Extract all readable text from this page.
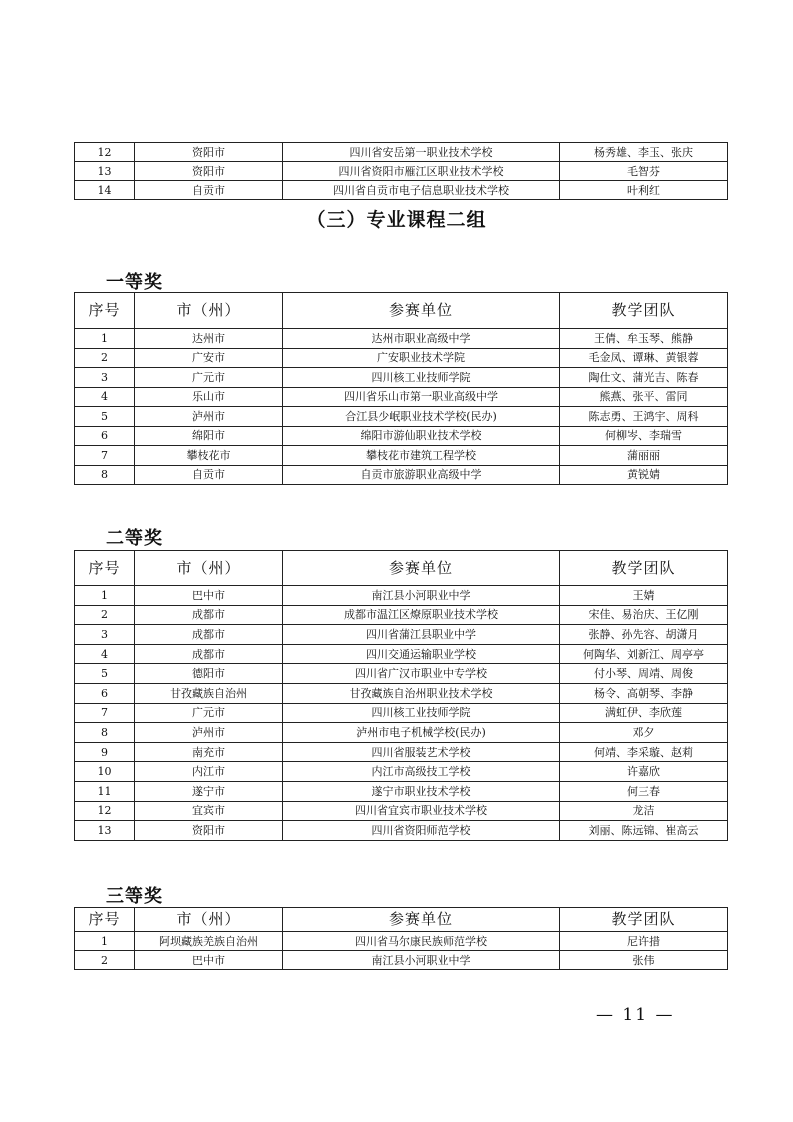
12	资阳市	四川省安岳第一职业技术学校	杨秀雄、李玉、张庆
13	资阳市	四川省资阳市雁江区职业技术学校	毛智芬
14	自贡市	四川省自贡市电子信息职业技术学校	叶利红
（三）专业课程二组
一等奖
序号	市（州）	参赛单位	教学团队
1	达州市	达州市职业高级中学	王倩、牟玉琴、熊静
2	广安市	广安职业技术学院	毛金凤、谭琳、黄银蓉
3	广元市	四川核工业技师学院	陶仕文、蒲光吉、陈春
4	乐山市	四川省乐山市第一职业高级中学	熊燕、张平、雷同
5	泸州市	合江县少岷职业技术学校(民办)	陈志勇、王鸿宇、周科
6	绵阳市	绵阳市游仙职业技术学校	何柳岑、李瑞雪
7	攀枝花市	攀枝花市建筑工程学校	蒲丽丽
8	自贡市	自贡市旅游职业高级中学	黄锐婧
二等奖
序号	市（州）	参赛单位	教学团队
1	巴中市	南江县小河职业中学	王婧
2	成都市	成都市温江区燎原职业技术学校	宋佳、易治庆、王亿刚
3	成都市	四川省蒲江县职业中学	张静、孙先容、胡潇月
4	成都市	四川交通运输职业学校	何陶华、刘新江、周亭亭
5	德阳市	四川省广汉市职业中专学校	付小琴、周靖、周俊
6	甘孜藏族自治州	甘孜藏族自治州职业技术学校	杨令、高朝琴、李静
7	广元市	四川核工业技师学院	满虹伊、李欣莲
8	泸州市	泸州市电子机械学校(民办)	邓夕
9	南充市	四川省服装艺术学校	何靖、李采璇、赵莉
10	内江市	内江市高级技工学校	许嘉欣
11	遂宁市	遂宁市职业技术学校	何三春
12	宜宾市	四川省宜宾市职业技术学校	龙洁
13	资阳市	四川省资阳师范学校	刘丽、陈远锦、崔高云
三等奖
序号	市（州）	参赛单位	教学团队
1	阿坝藏族羌族自治州	四川省马尔康民族师范学校	尼许措
2	巴中市	南江县小河职业中学	张伟
— 11 —
